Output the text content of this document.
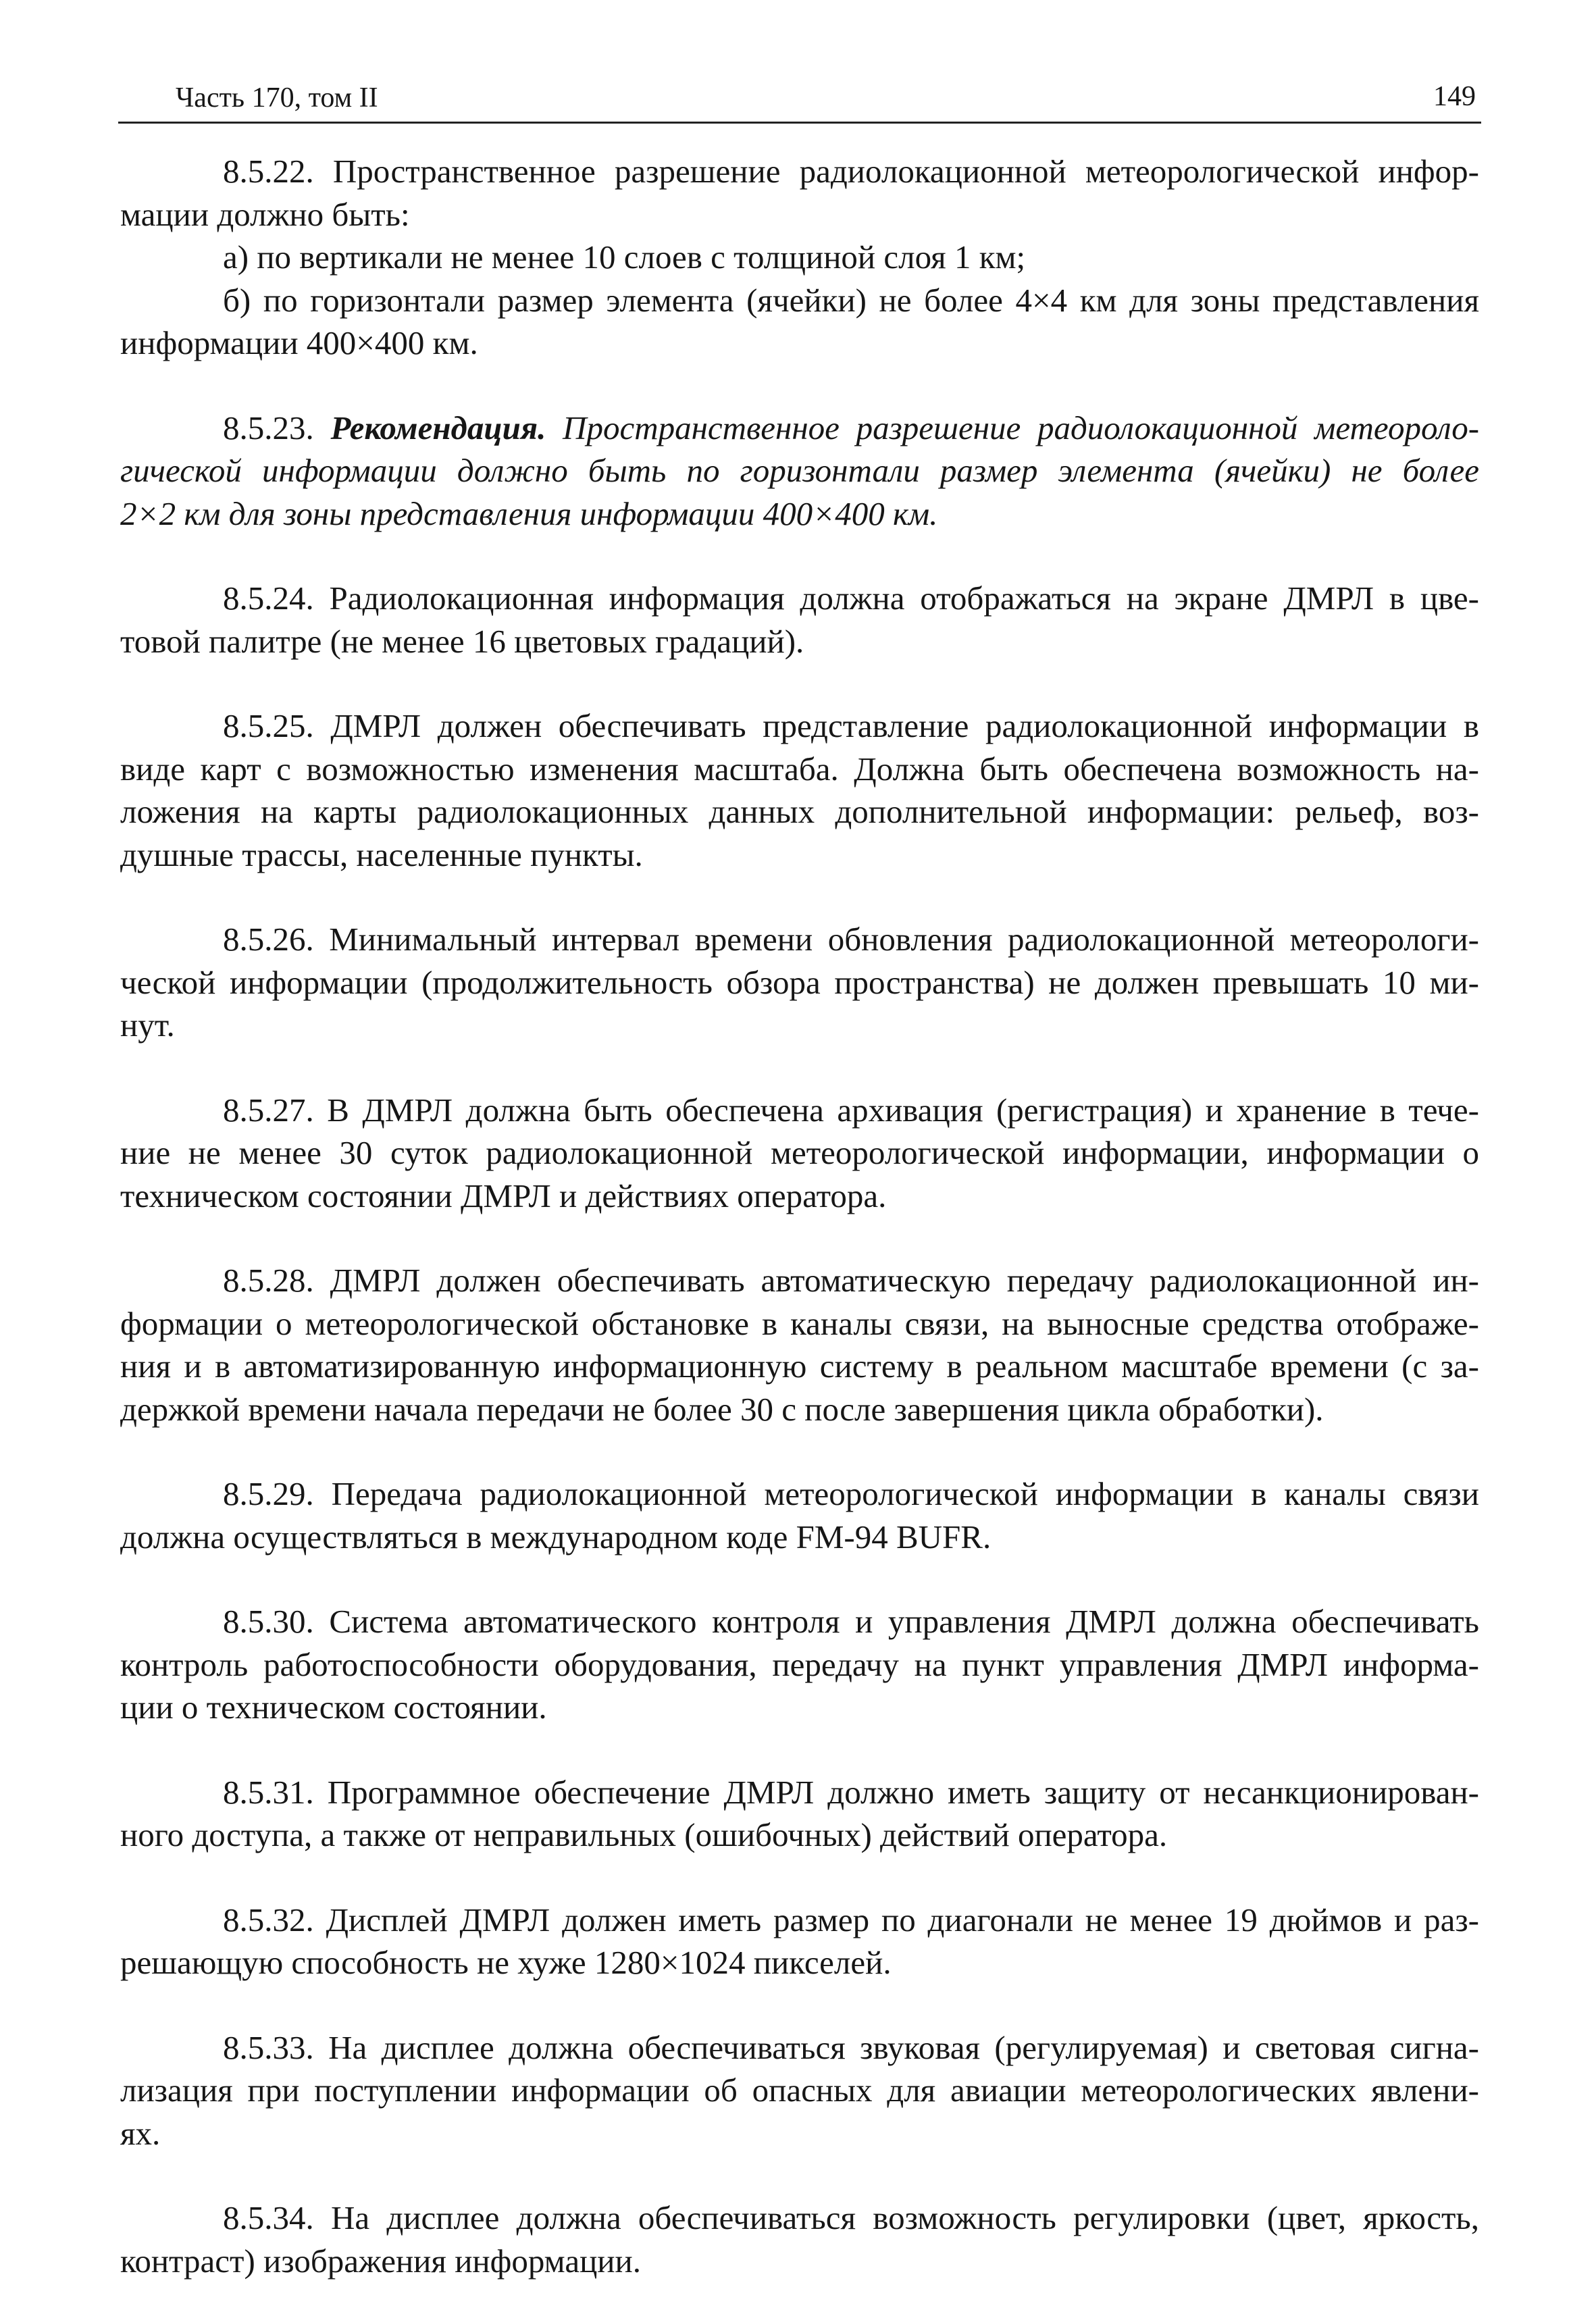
Часть 170, том II	149

8.5.22. Пространственное разрешение радиолокационной метеорологической инфор-
мации должно быть:
а) по вертикали не менее 10 слоев с толщиной слоя 1 км;
б) по горизонтали размер элемента (ячейки) не более 4×4 км для зоны представления
информации 400×400 км.

8.5.23. Рекомендация. Пространственное разрешение радиолокационной метеороло-
гической информации должно быть по горизонтали размер элемента (ячейки) не более
2×2 км для зоны представления информации 400×400 км.

8.5.24. Радиолокационная информация должна отображаться на экране ДМРЛ в цве-
товой палитре (не менее 16 цветовых градаций).

8.5.25. ДМРЛ должен обеспечивать представление радиолокационной информации в
виде карт с возможностью изменения масштаба. Должна быть обеспечена возможность на-
ложения на карты радиолокационных данных дополнительной информации: рельеф, воз-
душные трассы, населенные пункты.

8.5.26. Минимальный интервал времени обновления радиолокационной метеорологи-
ческой информации (продолжительность обзора пространства) не должен превышать 10 ми-
нут.

8.5.27. В ДМРЛ должна быть обеспечена архивация (регистрация) и хранение в тече-
ние не менее 30 суток радиолокационной метеорологической информации, информации о
техническом состоянии ДМРЛ и действиях оператора.

8.5.28. ДМРЛ должен обеспечивать автоматическую передачу радиолокационной ин-
формации о метеорологической обстановке в каналы связи, на выносные средства отображе-
ния и в автоматизированную информационную систему в реальном масштабе времени (с за-
держкой времени начала передачи не более 30 с после завершения цикла обработки).

8.5.29. Передача радиолокационной метеорологической информации в каналы связи
должна осуществляться в международном коде FM-94 BUFR.

8.5.30. Система автоматического контроля и управления ДМРЛ должна обеспечивать
контроль работоспособности оборудования, передачу на пункт управления ДМРЛ информа-
ции о техническом состоянии.

8.5.31. Программное обеспечение ДМРЛ должно иметь защиту от несанкционирован-
ного доступа, а также от неправильных (ошибочных) действий оператора.

8.5.32. Дисплей ДМРЛ должен иметь размер по диагонали не менее 19 дюймов и раз-
решающую способность не хуже 1280×1024 пикселей.

8.5.33. На дисплее должна обеспечиваться звуковая (регулируемая) и световая сигна-
лизация при поступлении информации об опасных для авиации метеорологических явлени-
ях.

8.5.34. На дисплее должна обеспечиваться возможность регулировки (цвет, яркость,
контраст) изображения информации.
